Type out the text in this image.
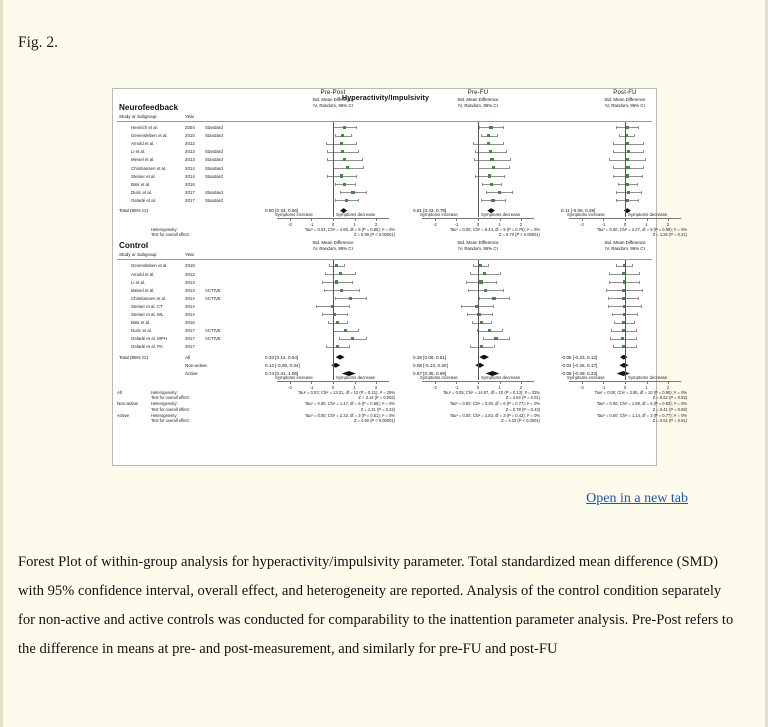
Fig. 2.
Hyperactivity/Impulsivity
Neurofeedback
Pre-Post
Std. Mean Difference
IV, Random, 95% CI
Pre-FU
Std. Mean Difference
IV, Random, 95% CI
Post-FU
Std. Mean Difference
IV, Random, 95% CI
Study or Subgroup	Year
Heinrich et al.	2004 Standard
Gevensleben et al.	2010 Standard
Arnold et al.	2012
Li et al.	2013 Standard
Meisel et al.	2013 Standard
Christiansen et al.	2014 Standard
Steiner et al.	2014 Standard
Bink et al.	2016
Duric et al.	2017 Standard
Geladé et al.	2017 Standard
Total (95% CI)	0.50 [0.33, 0.66]	0.61 [0.43, 0.79]	0.11 [-0.06, 0.28]
-2	-1	0	1	2
Symptoms increase	Symptoms decrease
-2	-1	0	1	2
Symptoms increase	Symptoms decrease
-2	-1	0	1	2
Symptoms increase	Symptoms decrease
Heterogeneity:
Test for overall effect:
Tau² = 0.03; Chi² = 4.86, df = 9 (P = 0.85); I² = 0%
Z = 5.98 (P < 0.00001)
Tau² = 0.00; Chi² = 5.44, df = 9 (P = 0.79); I² = 0%
Z = 6.70 (P < 0.00001)
Tau² = 0.00; Chi² = 2.27, df = 9 (P = 0.99); I² = 0%
Z = 1.25 (P = 0.21)
Control	Std. Mean Difference
IV, Random, 95% CI
Std. Mean Difference
IV, Random, 95% CI
Std. Mean Difference
IV, Random, 95% CI
Study or Subgroup	Year
Gevensleben et al.	2010
Arnold et al.	2012
Li et al.	2013
Meisel et al.	2013 ACTIVE
Christiansen et al.	2014 ACTIVE
Steiner et al. CT	2014
Steiner et al. WL	2014
Bink et al.	2016
Duric et al.	2017 ACTIVE
Geladé et al. MPH	2017 ACTIVE
Geladé et al. PA	2017
Total (95% CI)	All	0.33 [0.12, 0.54]	0.29 [0.06, 0.51]	-0.06 [-0.23, 0.12]
Non-active	0.13 [-0.08, 0.34]	0.08 [-0.13, 0.30]	-0.04 [-0.26, 0.17]
Active	0.74 [0.41, 1.06]	0.67 [0.35, 0.99]	-0.08 [-0.39, 0.23]
-2	-1	0	1	2
Symptoms increase	Symptoms decrease
-2	-1	0	1	2
Symptoms increase	Symptoms decrease
-2	-1	0	1	2
Symptoms increase	Symptoms decrease
All	Heterogeneity:
Test for overall effect:
Tau² = 0.03; Chi² = 13.31, df = 10 (P = 0.21); I² = 25%
Z = 3.14 (P = 0.002)
Tau² = 0.05; Chi² = 14.97, df = 10 (P = 0.13); I² = 33%
Z = 2.54 (P = 0.01)
Tau² = 0.00; Chi² = 3.85, df = 10 (P = 0.95); I² = 0%
Z = 0.62 (P = 0.53)
Non-active	Heterogeneity:
Test for overall effect:
Tau² = 0.00; Chi² = 1.47, df = 6 (P = 0.96); I² = 0%
Z = 1.21 (P = 0.23)
Tau² = 0.00; Chi² = 3.30, df = 6 (P = 0.77); I² = 0%
Z = 0.78 (P = 0.43)
Tau² = 0.00; Chi² = 1.88, df = 6 (P = 0.93); I² = 0%
Z = 0.41 (P = 0.68)
Active	Heterogeneity:
Test for overall effect:
Tau² = 0.00; Chi² = 2.32, df = 3 (P = 0.51); I² = 0%
Z = 4.50 (P < 0.00001)
Tau² = 0.00; Chi² = 2.83, df = 3 (P = 0.42); I² = 0%
Z = 4.10 (P < 0.0001)
Tau² = 0.00; Chi² = 1.14, df = 3 (P = 0.77); I² = 0%
Z = 0.51 (P = 0.61)
Open in a new tab
Forest Plot of within-group analysis for hyperactivity/impulsivity parameter. Total standardized mean difference (SMD) with 95% confidence interval, overall effect, and heterogeneity are reported. Analysis of the control condition separately for non-active and active controls was conducted for comparability to the inattention parameter analysis. Pre-Post refers to the difference in means at pre- and post-measurement, and similarly for pre-FU and post-FU
